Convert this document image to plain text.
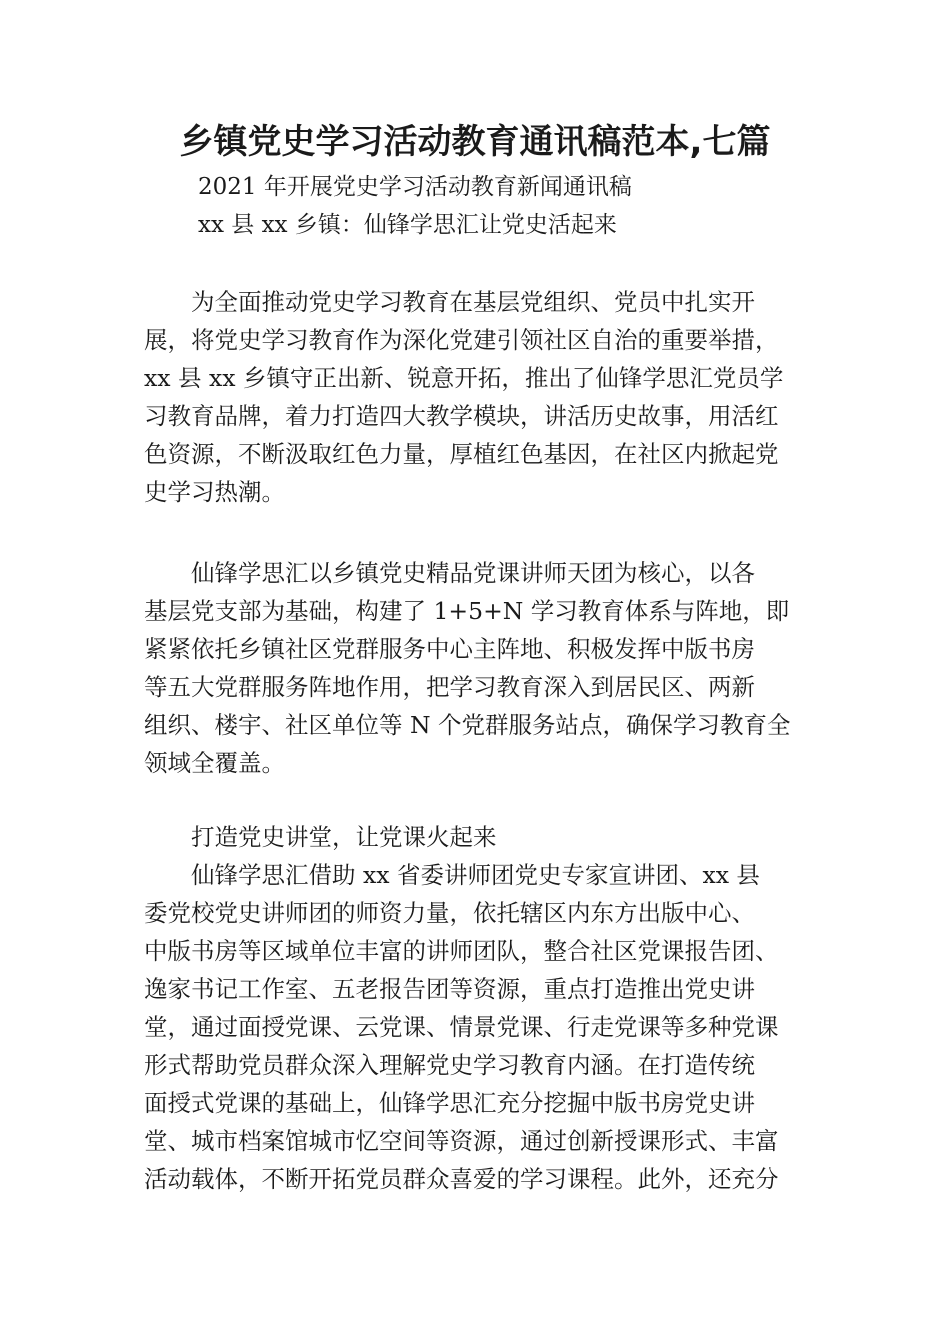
乡镇党史学习活动教育通讯稿范本,七篇
2021 年开展党史学习活动教育新闻通讯稿
xx 县 xx 乡镇：仙锋学思汇让党史活起来
　　为全面推动党史学习教育在基层党组织、党员中扎实开
展，将党史学习教育作为深化党建引领社区自治的重要举措，
xx 县 xx 乡镇守正出新、锐意开拓，推出了仙锋学思汇党员学
习教育品牌，着力打造四大教学模块，讲活历史故事，用活红
色资源，不断汲取红色力量，厚植红色基因，在社区内掀起党
史学习热潮。
　　仙锋学思汇以乡镇党史精品党课讲师天团为核心，以各
基层党支部为基础，构建了 1+5+N 学习教育体系与阵地，即
紧紧依托乡镇社区党群服务中心主阵地、积极发挥中版书房
等五大党群服务阵地作用，把学习教育深入到居民区、两新
组织、楼宇、社区单位等 N 个党群服务站点，确保学习教育全
领域全覆盖。
　　打造党史讲堂，让党课火起来
　　仙锋学思汇借助 xx 省委讲师团党史专家宣讲团、xx 县
委党校党史讲师团的师资力量，依托辖区内东方出版中心、
中版书房等区域单位丰富的讲师团队，整合社区党课报告团、
逸家书记工作室、五老报告团等资源，重点打造推出党史讲
堂，通过面授党课、云党课、情景党课、行走党课等多种党课
形式帮助党员群众深入理解党史学习教育内涵。在打造传统
面授式党课的基础上，仙锋学思汇充分挖掘中版书房党史讲
堂、城市档案馆城市忆空间等资源，通过创新授课形式、丰富
活动载体，不断开拓党员群众喜爱的学习课程。此外，还充分
